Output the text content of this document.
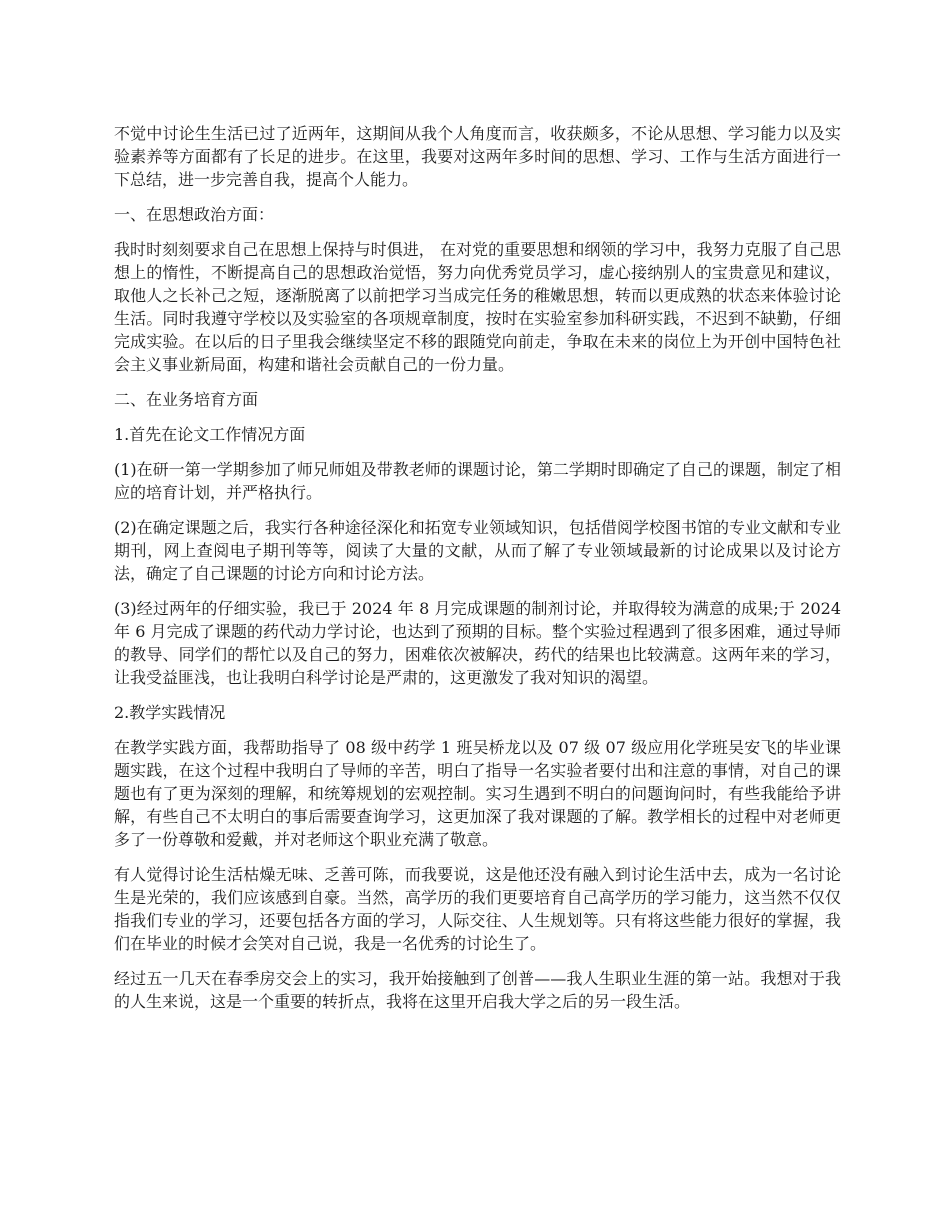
不觉中讨论生生活已过了近两年，这期间从我个人角度而言，收获颇多，不论从思想、学习能力以及实验素养等方面都有了长足的进步。在这里，我要对这两年多时间的思想、学习、工作与生活方面进行一下总结，进一步完善自我，提高个人能力。

一、在思想政治方面：

我时时刻刻要求自己在思想上保持与时俱进， 在对党的重要思想和纲领的学习中，我努力克服了自己思想上的惰性，不断提高自己的思想政治觉悟，努力向优秀党员学习，虚心接纳别人的宝贵意见和建议，取他人之长补己之短，逐渐脱离了以前把学习当成完任务的稚嫩思想，转而以更成熟的状态来体验讨论生活。同时我遵守学校以及实验室的各项规章制度，按时在实验室参加科研实践，不迟到不缺勤，仔细完成实验。在以后的日子里我会继续坚定不移的跟随党向前走，争取在未来的岗位上为开创中国特色社会主义事业新局面，构建和谐社会贡献自己的一份力量。

二、在业务培育方面

1.首先在论文工作情况方面

(1)在研一第一学期参加了师兄师姐及带教老师的课题讨论，第二学期时即确定了自己的课题，制定了相应的培育计划，并严格执行。

(2)在确定课题之后，我实行各种途径深化和拓宽专业领域知识，包括借阅学校图书馆的专业文献和专业期刊，网上查阅电子期刊等等，阅读了大量的文献，从而了解了专业领域最新的讨论成果以及讨论方法，确定了自己课题的讨论方向和讨论方法。

(3)经过两年的仔细实验，我已于 2024 年 8 月完成课题的制剂讨论，并取得较为满意的成果;于 2024 年 6 月完成了课题的药代动力学讨论，也达到了预期的目标。整个实验过程遇到了很多困难，通过导师的教导、同学们的帮忙以及自己的努力，困难依次被解决，药代的结果也比较满意。这两年来的学习，让我受益匪浅，也让我明白科学讨论是严肃的，这更激发了我对知识的渴望。

2.教学实践情况

在教学实践方面，我帮助指导了 08 级中药学 1 班吴桥龙以及 07 级 07 级应用化学班吴安飞的毕业课题实践，在这个过程中我明白了导师的辛苦，明白了指导一名实验者要付出和注意的事情，对自己的课题也有了更为深刻的理解，和统筹规划的宏观控制。实习生遇到不明白的问题询问时，有些我能给予讲解，有些自己不太明白的事后需要查询学习，这更加深了我对课题的了解。教学相长的过程中对老师更多了一份尊敬和爱戴，并对老师这个职业充满了敬意。

有人觉得讨论生活枯燥无味、乏善可陈，而我要说，这是他还没有融入到讨论生活中去，成为一名讨论生是光荣的，我们应该感到自豪。当然，高学历的我们更要培育自己高学历的学习能力，这当然不仅仅指我们专业的学习，还要包括各方面的学习，人际交往、人生规划等。只有将这些能力很好的掌握，我们在毕业的时候才会笑对自己说，我是一名优秀的讨论生了。

经过五一几天在春季房交会上的实习，我开始接触到了创普——我人生职业生涯的第一站。我想对于我的人生来说，这是一个重要的转折点，我将在这里开启我大学之后的另一段生活。
